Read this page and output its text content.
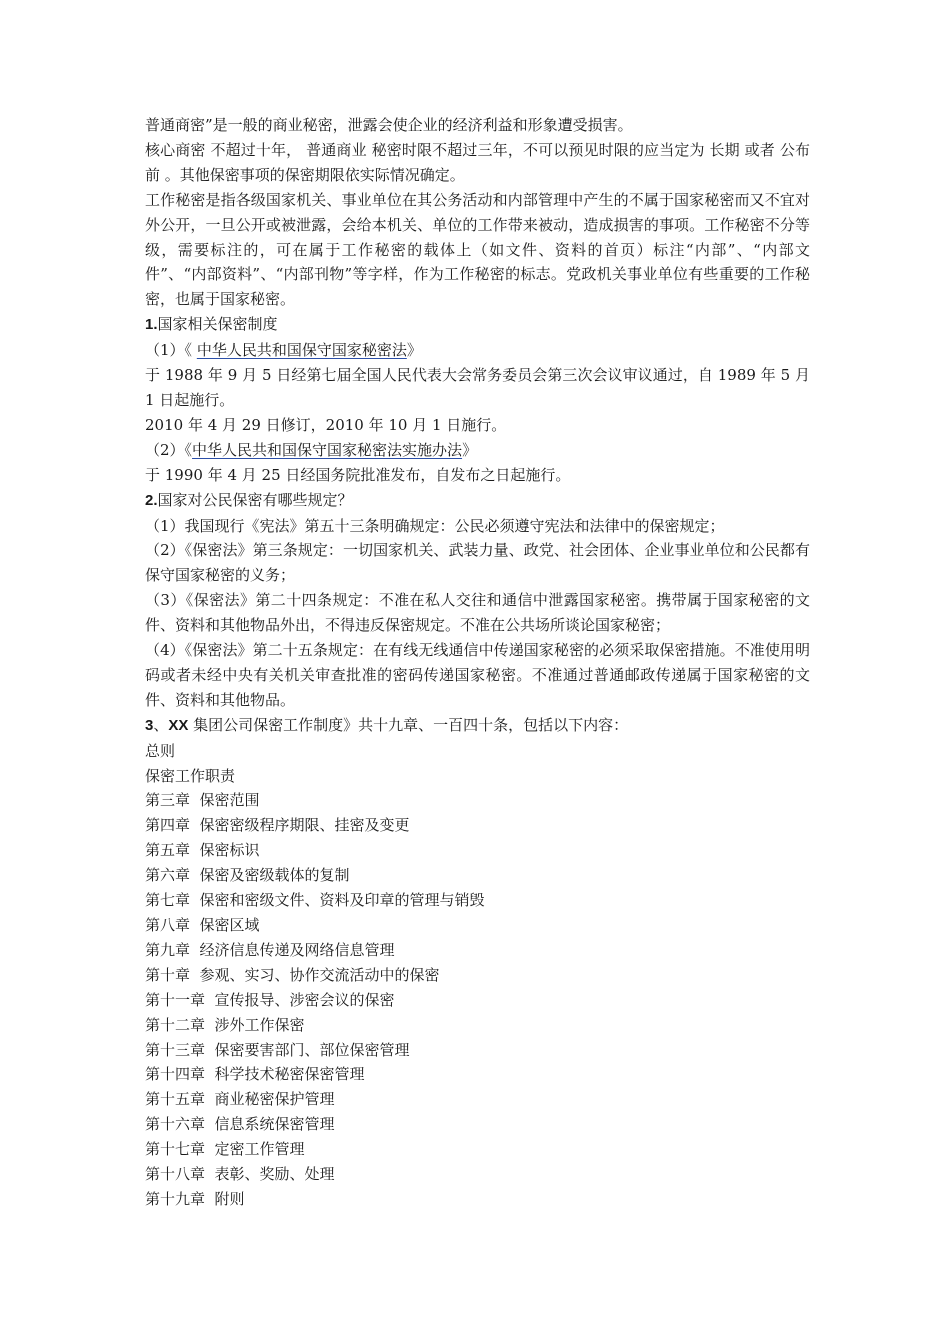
普通商密”是一般的商业秘密，泄露会使企业的经济利益和形象遭受损害。

核心商密 不超过十年， 普通商业 秘密时限不超过三年，不可以预见时限的应当定为 长期 或者 公布前 。其他保密事项的保密期限依实际情况确定。

工作秘密是指各级国家机关、事业单位在其公务活动和内部管理中产生的不属于国家秘密而又不宜对外公开，一旦公开或被泄露，会给本机关、单位的工作带来被动，造成损害的事项。工作秘密不分等级，需要标注的，可在属于工作秘密的载体上（如文件、资料的首页）标注“内部”、“内部文件”、“内部资料”、“内部刊物”等字样，作为工作秘密的标志。党政机关事业单位有些重要的工作秘密，也属于国家秘密。

1.国家相关保密制度

（1）《 中华人民共和国保守国家秘密法》

于 1988 年 9 月 5 日经第七届全国人民代表大会常务委员会第三次会议审议通过，自 1989 年 5 月 1 日起施行。

2010 年 4 月 29 日修订，2010 年 10 月 1 日施行。

（2）《中华人民共和国保守国家秘密法实施办法》

于 1990 年 4 月 25 日经国务院批准发布，自发布之日起施行。

2.国家对公民保密有哪些规定？

（1）我国现行《宪法》第五十三条明确规定：公民必须遵守宪法和法律中的保密规定；

（2）《保密法》第三条规定：一切国家机关、武装力量、政党、社会团体、企业事业单位和公民都有保守国家秘密的义务；

（3）《保密法》第二十四条规定：不准在私人交往和通信中泄露国家秘密。携带属于国家秘密的文件、资料和其他物品外出，不得违反保密规定。不准在公共场所谈论国家秘密；

（4）《保密法》第二十五条规定：在有线无线通信中传递国家秘密的必须采取保密措施。不准使用明码或者未经中央有关机关审查批准的密码传递国家秘密。不准通过普通邮政传递属于国家秘密的文件、资料和其他物品。

3、XX 集团公司保密工作制度》共十九章、一百四十条，包括以下内容：

总则

保密工作职责

第三章  保密范围

第四章  保密密级程序期限、挂密及变更

第五章  保密标识

第六章  保密及密级载体的复制

第七章  保密和密级文件、资料及印章的管理与销毁

第八章  保密区域

第九章  经济信息传递及网络信息管理

第十章  参观、实习、协作交流活动中的保密

第十一章  宣传报导、涉密会议的保密

第十二章  涉外工作保密

第十三章  保密要害部门、部位保密管理

第十四章  科学技术秘密保密管理

第十五章  商业秘密保护管理

第十六章  信息系统保密管理

第十七章  定密工作管理

第十八章  表彰、奖励、处理

第十九章  附则
